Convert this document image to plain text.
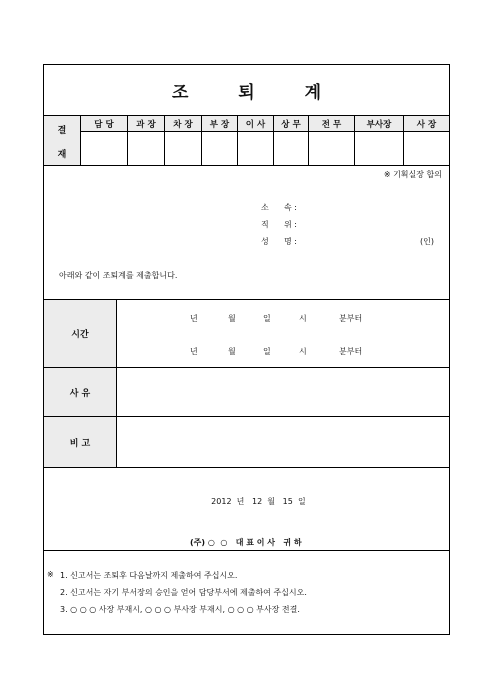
조 퇴 계
결
재
담 당	과 장	차 장	부 장	이 사	상 무	전 무	부사장	사 장
※ 기획실장 합의
소      속 :
직      위 :
성      명 :	(인)
아래와 같이 조퇴계를 제출합니다.
시간
년	월	일	시	분부터
년	월	일	시	분부터
사 유
비 고

2012 년 12 월 15 일

(주) ○  ○   대 표 이 사   귀 하
※ 1. 신고서는 조퇴후 다음날까지 제출하여 주십시오.
2. 신고서는 자기 부서장의 승인을 얻어 담당부서에 제출하여 주십시오.
3. ○ ○ ○ 사장 부재시, ○ ○ ○ 부사장 부재시, ○ ○ ○ 부사장 전결.
